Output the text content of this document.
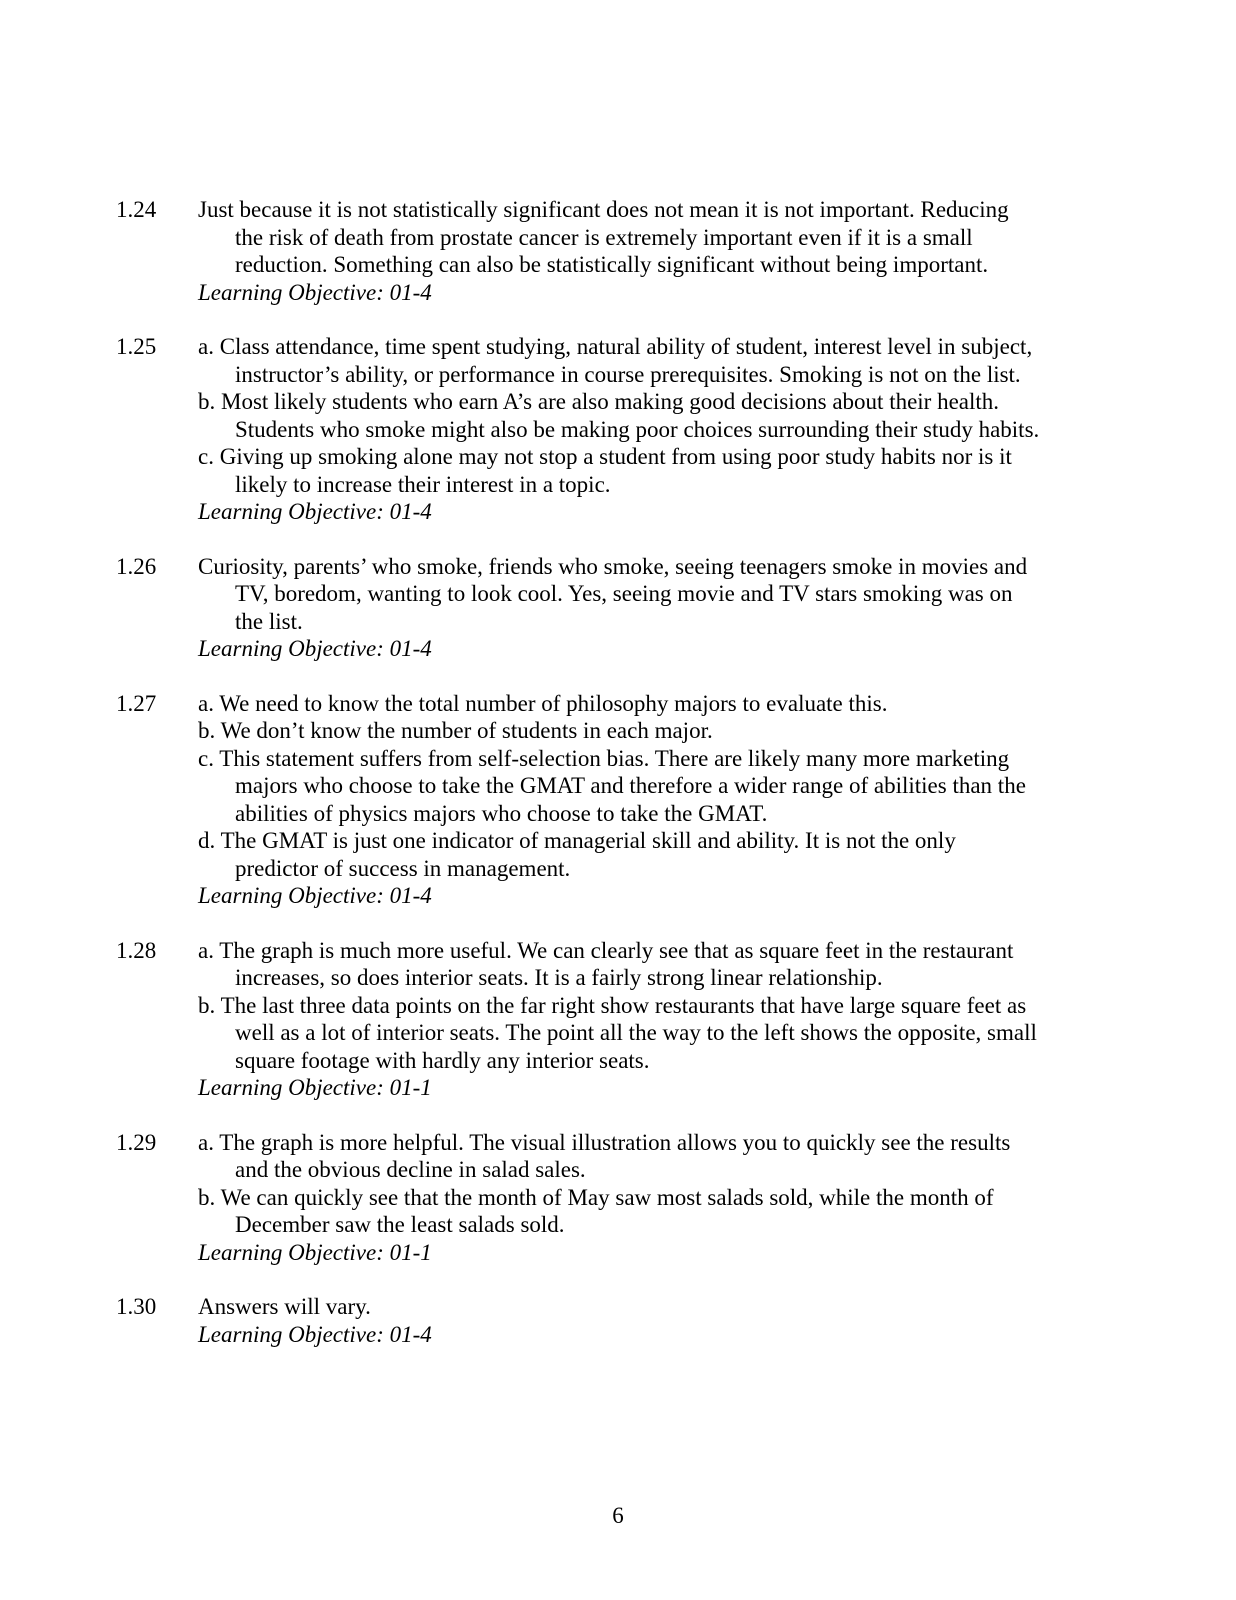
1.24 Just because it is not statistically significant does not mean it is not important. Reducing
the risk of death from prostate cancer is extremely important even if it is a small
reduction. Something can also be statistically significant without being important.
Learning Objective: 01-4
1.25 a. Class attendance, time spent studying, natural ability of student, interest level in subject,
instructor’s ability, or performance in course prerequisites. Smoking is not on the list.
b. Most likely students who earn A’s are also making good decisions about their health.
Students who smoke might also be making poor choices surrounding their study habits.
c. Giving up smoking alone may not stop a student from using poor study habits nor is it
likely to increase their interest in a topic.
Learning Objective: 01-4
1.26 Curiosity, parents’ who smoke, friends who smoke, seeing teenagers smoke in movies and
TV, boredom, wanting to look cool. Yes, seeing movie and TV stars smoking was on
the list.
Learning Objective: 01-4
1.27 a. We need to know the total number of philosophy majors to evaluate this.
b. We don’t know the number of students in each major.
c. This statement suffers from self-selection bias. There are likely many more marketing
majors who choose to take the GMAT and therefore a wider range of abilities than the
abilities of physics majors who choose to take the GMAT.
d. The GMAT is just one indicator of managerial skill and ability. It is not the only
predictor of success in management.
Learning Objective: 01-4
1.28 a. The graph is much more useful. We can clearly see that as square feet in the restaurant
increases, so does interior seats. It is a fairly strong linear relationship.
b. The last three data points on the far right show restaurants that have large square feet as
well as a lot of interior seats. The point all the way to the left shows the opposite, small
square footage with hardly any interior seats.
Learning Objective: 01-1
1.29 a. The graph is more helpful. The visual illustration allows you to quickly see the results
and the obvious decline in salad sales.
b. We can quickly see that the month of May saw most salads sold, while the month of
December saw the least salads sold.
Learning Objective: 01-1
1.30 Answers will vary.
Learning Objective: 01-4
6
